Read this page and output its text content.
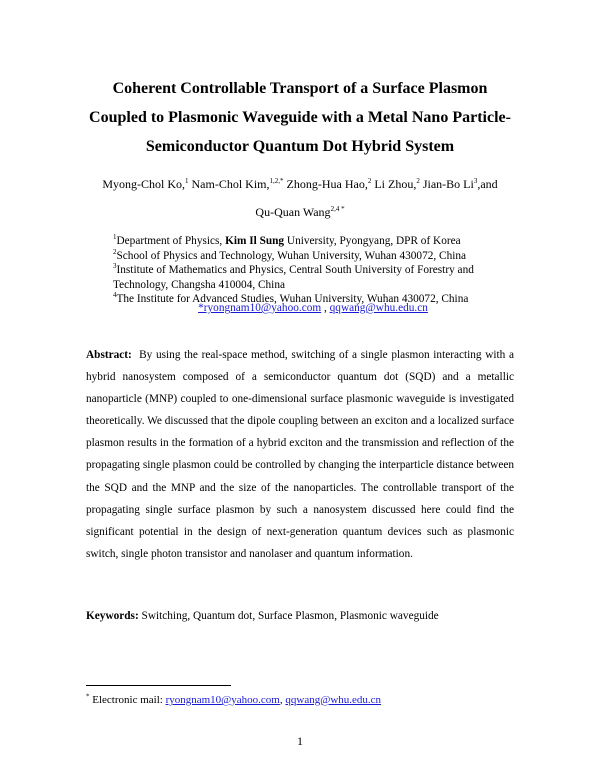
Coherent Controllable Transport of a Surface Plasmon
Coupled to Plasmonic Waveguide with a Metal Nano Particle-
Semiconductor Quantum Dot Hybrid System
Myong-Chol Ko,$^1$ Nam-Chol Kim,$^{1,2,*}$ Zhong-Hua Hao,$^2$ Li Zhou,$^2$ Jian-Bo Li$^3$,and
Qu-Quan Wang$^{2,4 *}$
$^1$Department of Physics, Kim Il Sung University, Pyongyang, DPR of Korea
$^2$School of Physics and Technology, Wuhan University, Wuhan 430072, China
$^3$Institute of Mathematics and Physics, Central South University of Forestry and
Technology, Changsha 410004, China
$^4$The Institute for Advanced Studies, Wuhan University, Wuhan 430072, China
*ryongnam10@yahoo.com , qqwang@whu.edu.cn
Abstract: By using the real-space method, switching of a single plasmon interacting with a hybrid nanosystem composed of a semiconductor quantum dot (SQD) and a metallic nanoparticle (MNP) coupled to one-dimensional surface plasmonic waveguide is investigated theoretically. We discussed that the dipole coupling between an exciton and a localized surface plasmon results in the formation of a hybrid exciton and the transmission and reflection of the propagating single plasmon could be controlled by changing the interparticle distance between the SQD and the MNP and the size of the nanoparticles. The controllable transport of the propagating single surface plasmon by such a nanosystem discussed here could find the significant potential in the design of next-generation quantum devices such as plasmonic switch, single photon transistor and nanolaser and quantum information.
Keywords: Switching, Quantum dot, Surface Plasmon, Plasmonic waveguide
* Electronic mail: ryongnam10@yahoo.com, qqwang@whu.edu.cn
1
